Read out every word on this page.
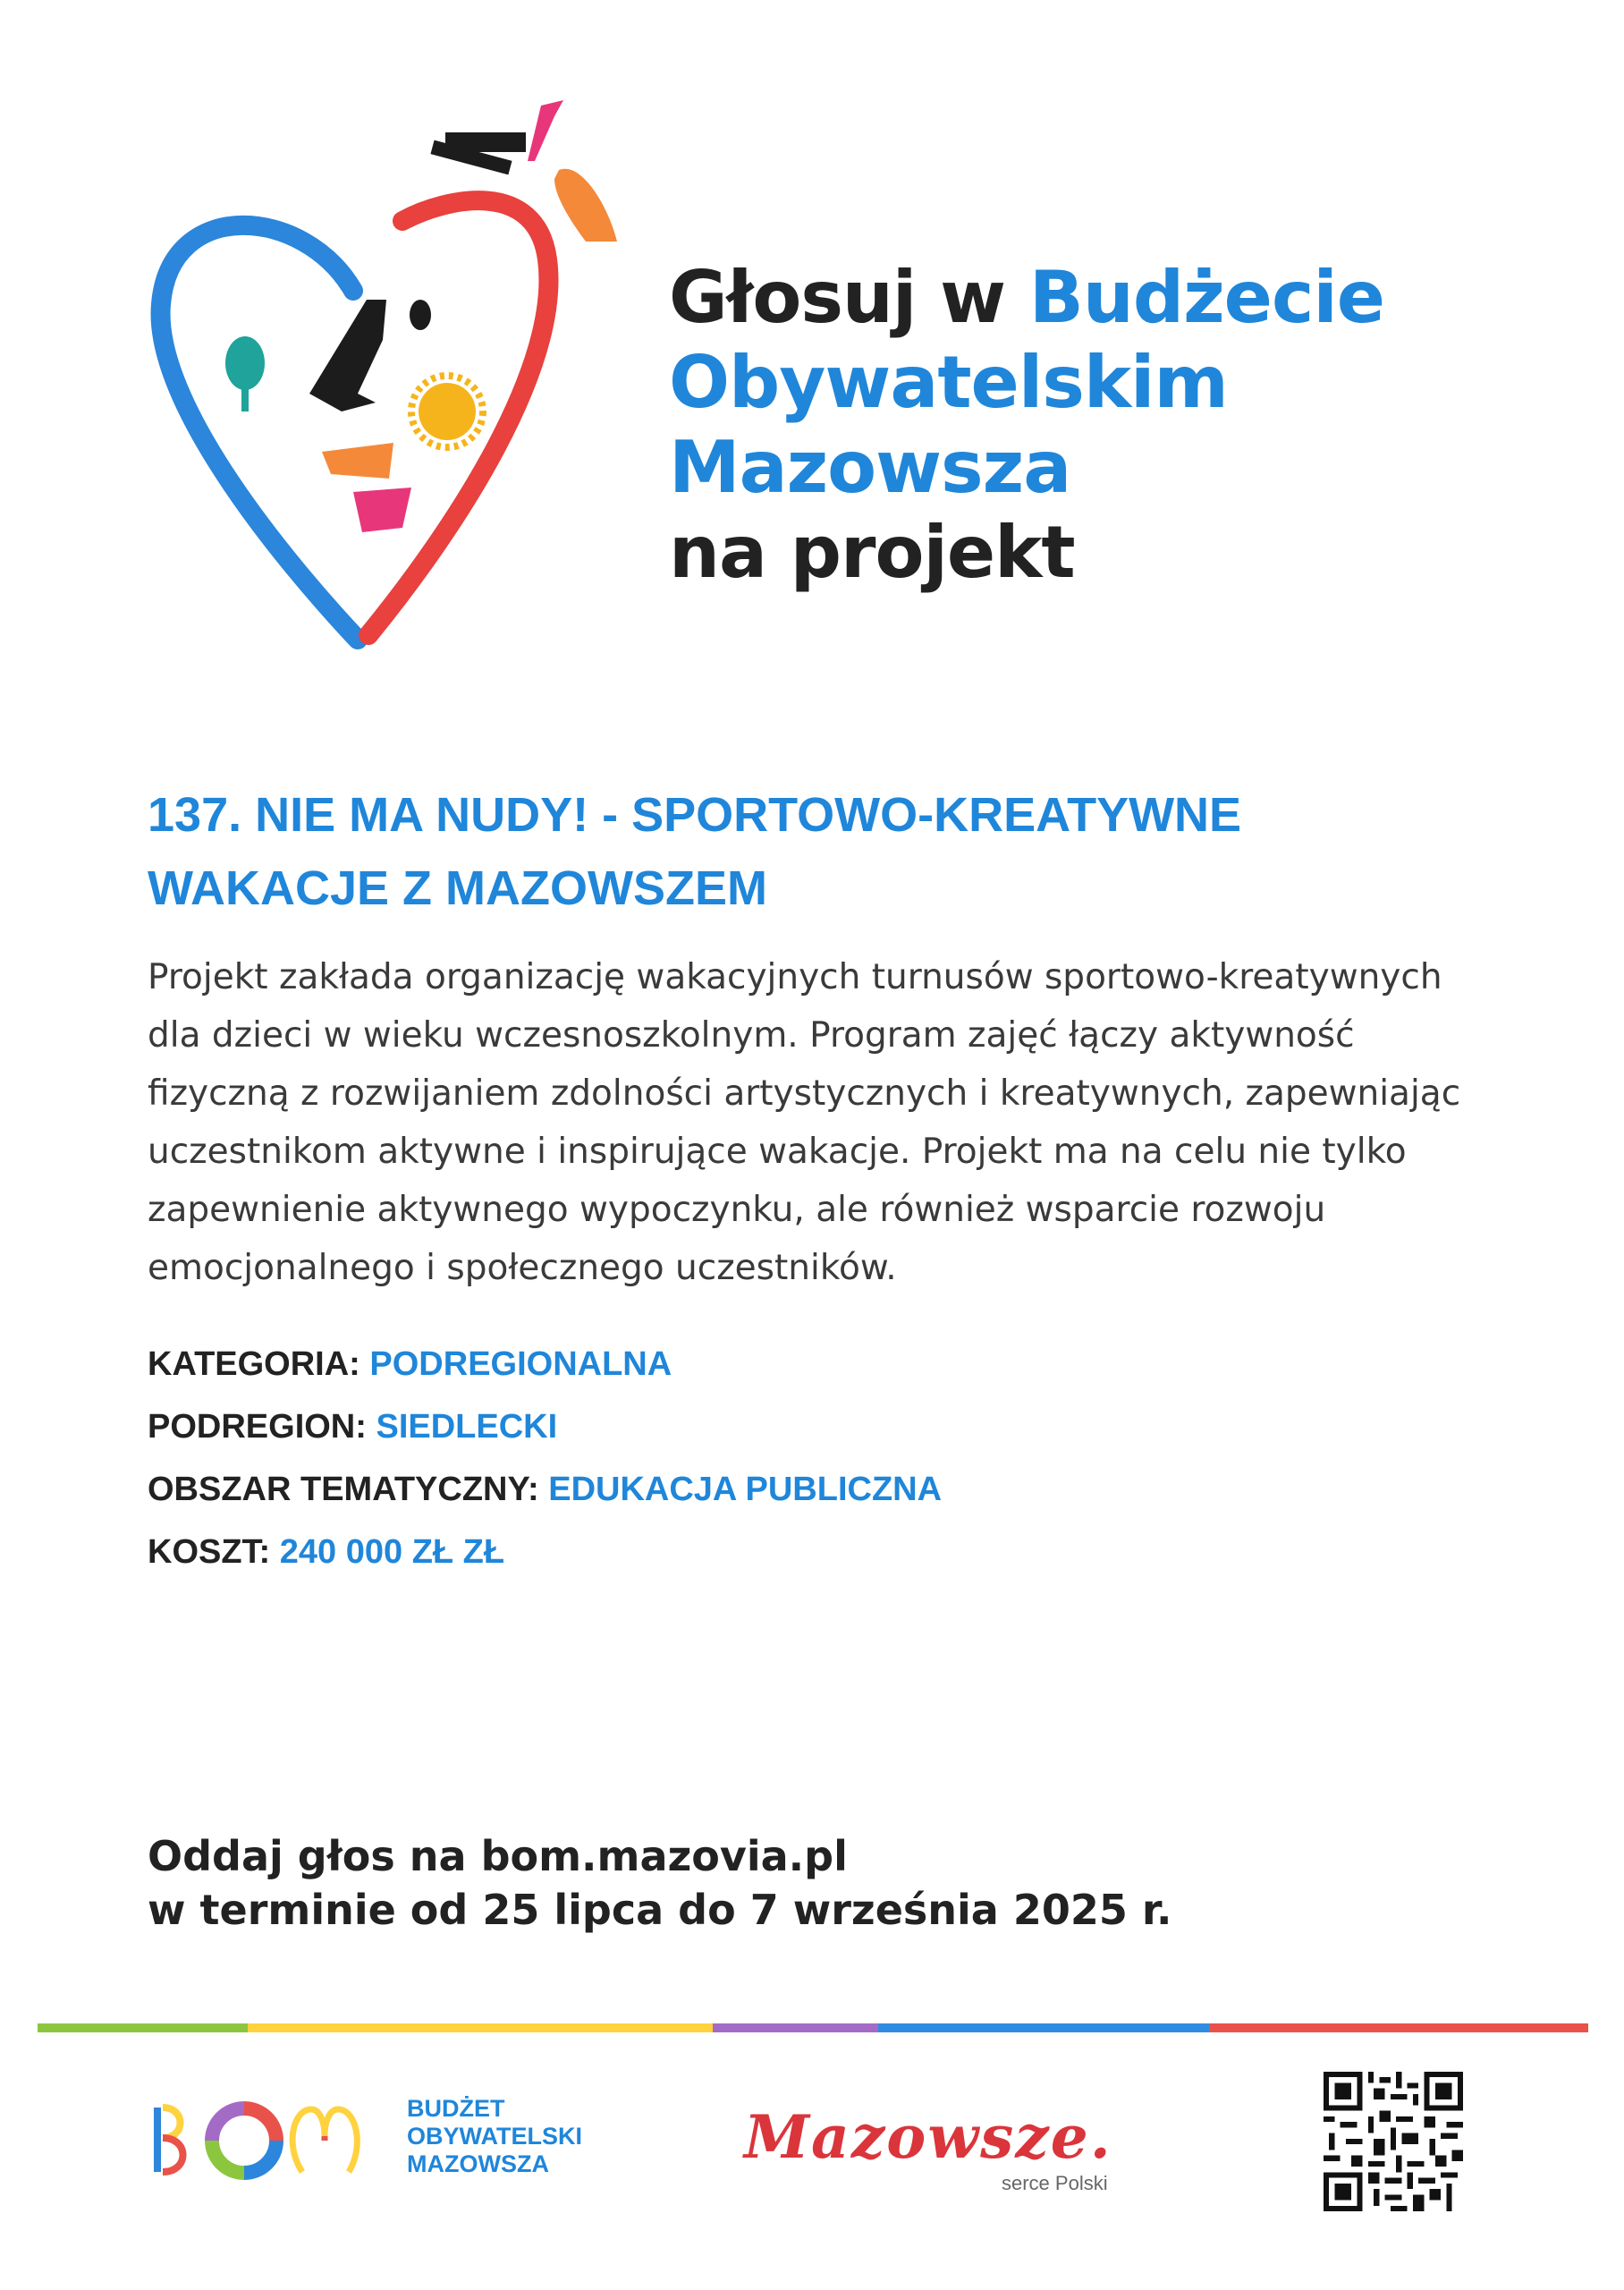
Głosuj w Budżecie
Obywatelskim
Mazowsza
na projekt
137. NIE MA NUDY! - SPORTOWO-KREATYWNE
WAKACJE Z MAZOWSZEM
Projekt zakłada organizację wakacyjnych turnusów sportowo-kreatywnych
dla dzieci w wieku wczesnoszkolnym. Program zajęć łączy aktywność
fizyczną z rozwijaniem zdolności artystycznych i kreatywnych, zapewniając
uczestnikom aktywne i inspirujące wakacje. Projekt ma na celu nie tylko
zapewnienie aktywnego wypoczynku, ale również wsparcie rozwoju
emocjonalnego i społecznego uczestników.
KATEGORIA: PODREGIONALNA
PODREGION: SIEDLECKI
OBSZAR TEMATYCZNY: EDUKACJA PUBLICZNA
KOSZT: 240 000 ZŁ ZŁ
Oddaj głos na bom.mazovia.pl
w terminie od 25 lipca do 7 września 2025 r.
BUDŻET
OBYWATELSKI
MAZOWSZA	Mazowsze.
serce Polski
